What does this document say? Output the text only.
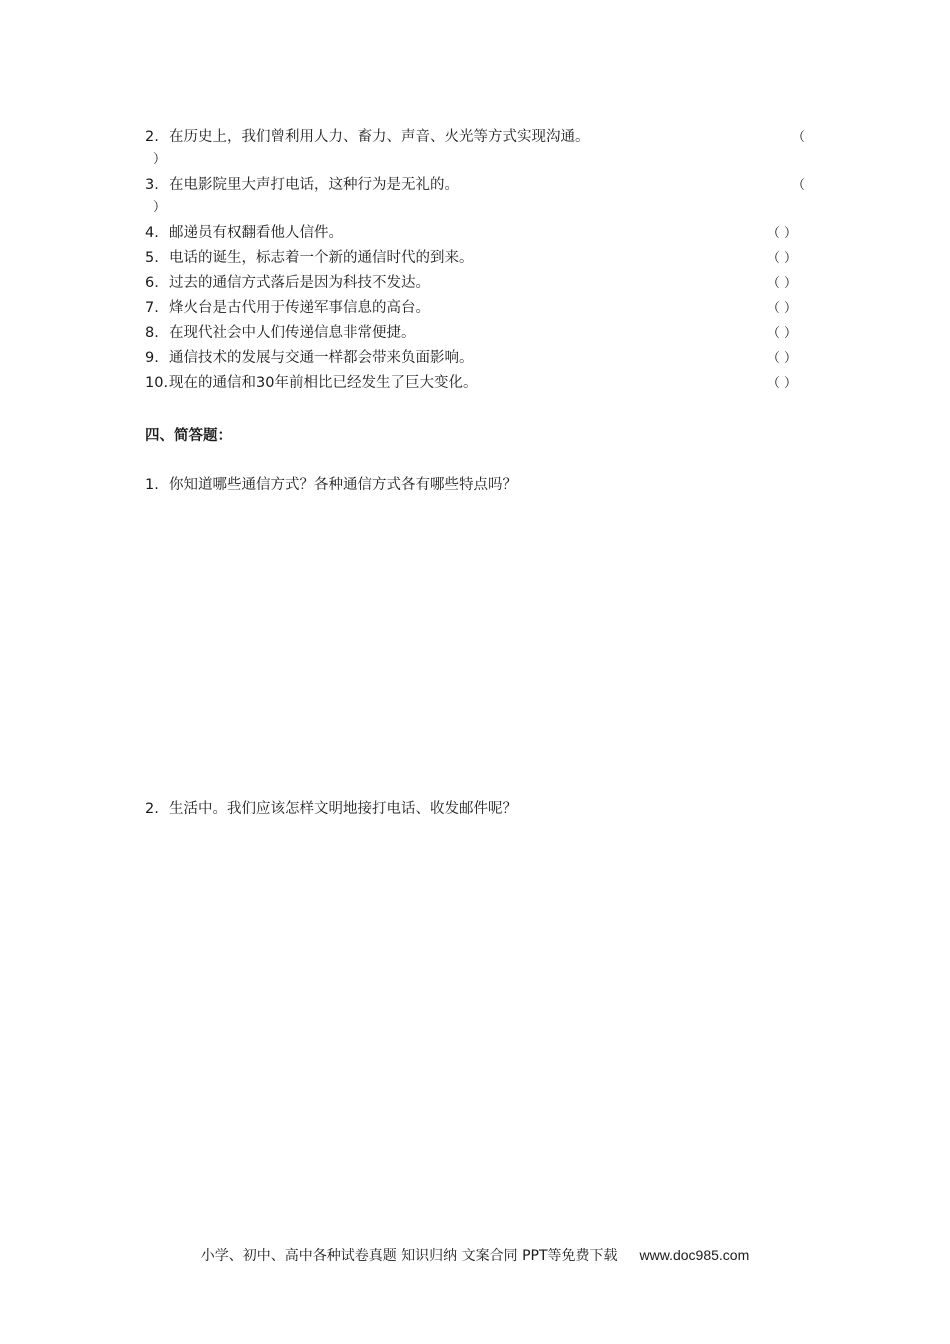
2. 在历史上，我们曾利用人力、畜力、声音、火光等方式实现沟通。	（
）
3. 在电影院里大声打电话，这种行为是无礼的。	（
）
4. 邮递员有权翻看他人信件。	（ ）
5. 电话的诞生，标志着一个新的通信时代的到来。	（ ）
6. 过去的通信方式落后是因为科技不发达。	（ ）
7. 烽火台是古代用于传递军事信息的高台。	（ ）
8. 在现代社会中人们传递信息非常便捷。	（ ）
9. 通信技术的发展与交通一样都会带来负面影响。	（ ）
10.现在的通信和30年前相比已经发生了巨大变化。	（ ）
四、简答题：
1. 你知道哪些通信方式？各种通信方式各有哪些特点吗？
2. 生活中。我们应该怎样文明地接打电话、收发邮件呢？
小学、初中、高中各种试卷真题 知识归纳 文案合同 PPT等免费下载 www.doc985.com
